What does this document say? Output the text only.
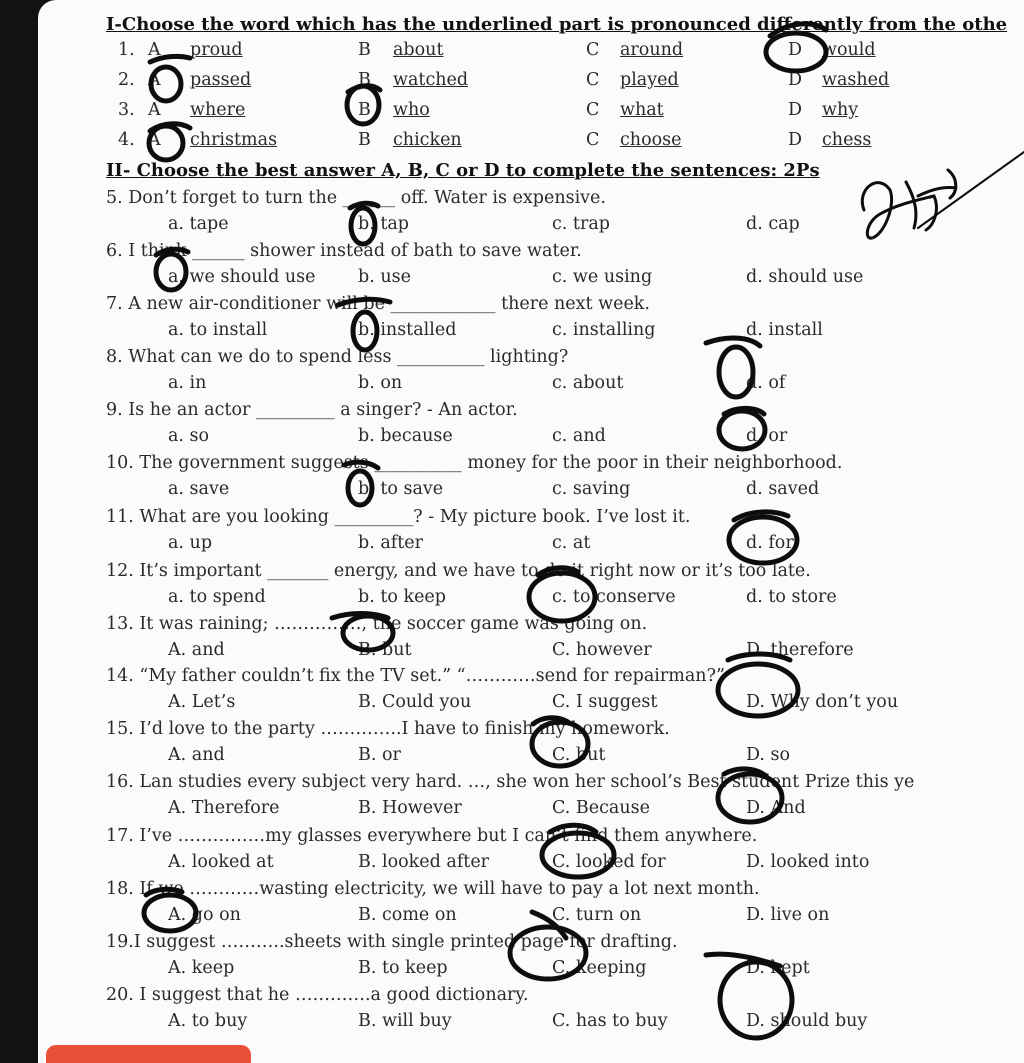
I-Choose the word which has the underlined part is pronounced differently from the othe
1. A proud	B about	C around	D would
2. A passed	B watched	C played	D washed
3. A where	B who	C what	D why
4. A christmas	B chicken	C choose	D chess
II- Choose the best answer A, B, C or D to complete the sentences: 2Ps
5. Don’t forget to turn the ______ off. Water is expensive.
a. tape	b. tap	c. trap	d. cap
6. I think ______ shower instead of bath to save water.
a. we should use b. use	c. we using	d. should use
7. A new air-conditioner will be ____________ there next week.
a. to install	b. installed	c. installing	d. install
8. What can we do to spend less __________ lighting?
a. in	b. on	c. about	d. of
9. Is he an actor _________ a singer? - An actor.
a. so	b. because	c. and	d. or
10. The government suggests __________ money for the poor in their neighborhood.
a. save	b. to save	c. saving	d. saved
11. What are you looking _________? - My picture book. I’ve lost it.
a. up	b. after	c. at	d. for
12. It’s important _______ energy, and we have to do it right now or it’s too late.
a. to spend	b. to keep	c. to conserve	d. to store
13. It was raining; ……………, the soccer game was going on.
A. and	B. but	C. however	D. therefore
14. “My father couldn’t fix the TV set.” “…………send for repairman?”
A. Let’s	B. Could you	C. I suggest	D. Why don’t you
15. I’d love to the party …………..I have to finish my homework.
A. and	B. or	C. but	D. so
16. Lan studies every subject very hard. …, she won her school’s Best student Prize this ye
A. Therefore	B. However	C. Because	D. And
17. I’ve ……………my glasses everywhere but I can’t find them anywhere.
A. looked at	B. looked after	C. looked for	D. looked into
18. If we …………wasting electricity, we will have to pay a lot next month.
A. go on	B. come on	C. turn on	D. live on
19.I suggest ………..sheets with single printed page for drafting.
A. keep	B. to keep	C. keeping	D. kept
20. I suggest that he ………….a good dictionary.
A. to buy	B. will buy	C. has to buy	D. should buy
